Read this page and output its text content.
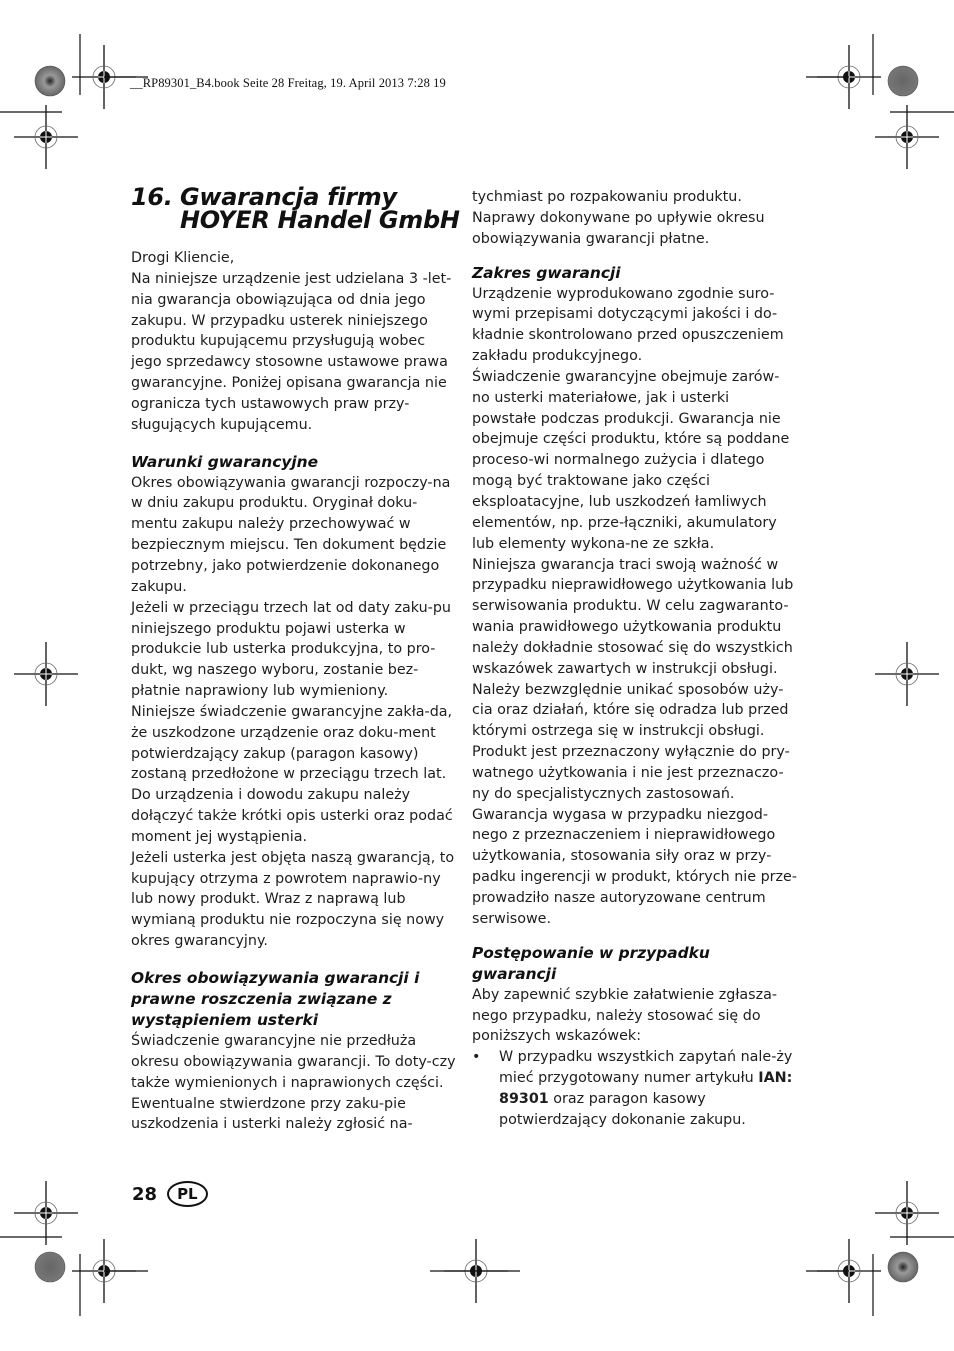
__RP89301_B4.book Seite 28 Freitag, 19. April 2013 7:28 19
16. Gwarancja firmy
HOYER Handel GmbH

Drogi Kliencie,

Na niniejsze urządzenie jest udzielana 3 -let-nia gwarancja obowiązująca od dnia jego zakupu. W przypadku usterek niniejszego produktu kupującemu przysługują wobec jego sprzedawcy stosowne ustawowe prawa gwarancyjne. Poniżej opisana gwarancja nie ogranicza tych ustawowych praw przy-sługujących kupującemu.

Warunki gwarancyjne

Okres obowiązywania gwarancji rozpoczy-na w dniu zakupu produktu. Oryginał doku-mentu zakupu należy przechowywać w bezpiecznym miejscu. Ten dokument będzie potrzebny, jako potwierdzenie dokonanego zakupu.

Jeżeli w przeciągu trzech lat od daty zaku-pu niniejszego produktu pojawi usterka w produkcie lub usterka produkcyjna, to pro-dukt, wg naszego wyboru, zostanie bez-płatnie naprawiony lub wymieniony.

Niniejsze świadczenie gwarancyjne zakła-da, że uszkodzone urządzenie oraz doku-ment potwierdzający zakup (paragon kasowy) zostaną przedłożone w przeciągu trzech lat. Do urządzenia i dowodu zakupu należy dołączyć także krótki opis usterki oraz podać moment jej wystąpienia.

Jeżeli usterka jest objęta naszą gwarancją, to kupujący otrzyma z powrotem naprawio-ny lub nowy produkt. Wraz z naprawą lub wymianą produktu nie rozpoczyna się nowy okres gwarancyjny.

Okres obowiązywania gwarancji i prawne roszczenia związane z wystąpieniem usterki

Świadczenie gwarancyjne nie przedłuża okresu obowiązywania gwarancji. To doty-czy także wymienionych i naprawionych części. Ewentualne stwierdzone przy zaku-pie uszkodzenia i usterki należy zgłosić na-

tychmiast po rozpakowaniu produktu. Naprawy dokonywane po upływie okresu obowiązywania gwarancji płatne.

Zakres gwarancji

Urządzenie wyprodukowano zgodnie suro-wymi przepisami dotyczącymi jakości i do-kładnie skontrolowano przed opuszczeniem zakładu produkcyjnego.

Świadczenie gwarancyjne obejmuje zarów-no usterki materiałowe, jak i usterki powstałe podczas produkcji. Gwarancja nie obejmuje części produktu, które są poddane proceso-wi normalnego zużycia i dlatego mogą być traktowane jako części eksploatacyjne, lub uszkodzeń łamliwych elementów, np. prze-łączniki, akumulatory lub elementy wykona-ne ze szkła.

Niniejsza gwarancja traci swoją ważność w przypadku nieprawidłowego użytkowania lub serwisowania produktu. W celu zagwaranto-wania prawidłowego użytkowania produktu należy dokładnie stosować się do wszystkich wskazówek zawartych w instrukcji obsługi.

Należy bezwzględnie unikać sposobów uży-cia oraz działań, które się odradza lub przed którymi ostrzega się w instrukcji obsługi.

Produkt jest przeznaczony wyłącznie do pry-watnego użytkowania i nie jest przeznaczo-ny do specjalistycznych zastosowań.

Gwarancja wygasa w przypadku niezgod-nego z przeznaczeniem i nieprawidłowego użytkowania, stosowania siły oraz w przy-padku ingerencji w produkt, których nie prze-prowadziło nasze autoryzowane centrum serwisowe.

Postępowanie w przypadku gwarancji

Aby zapewnić szybkie załatwienie zgłasza-nego przypadku, należy stosować się do poniższych wskazówek:

•	W przypadku wszystkich zapytań nale-ży mieć przygotowany numer artykułu IAN: 89301 oraz paragon kasowy potwierdzający dokonanie zakupu.
28	PL
